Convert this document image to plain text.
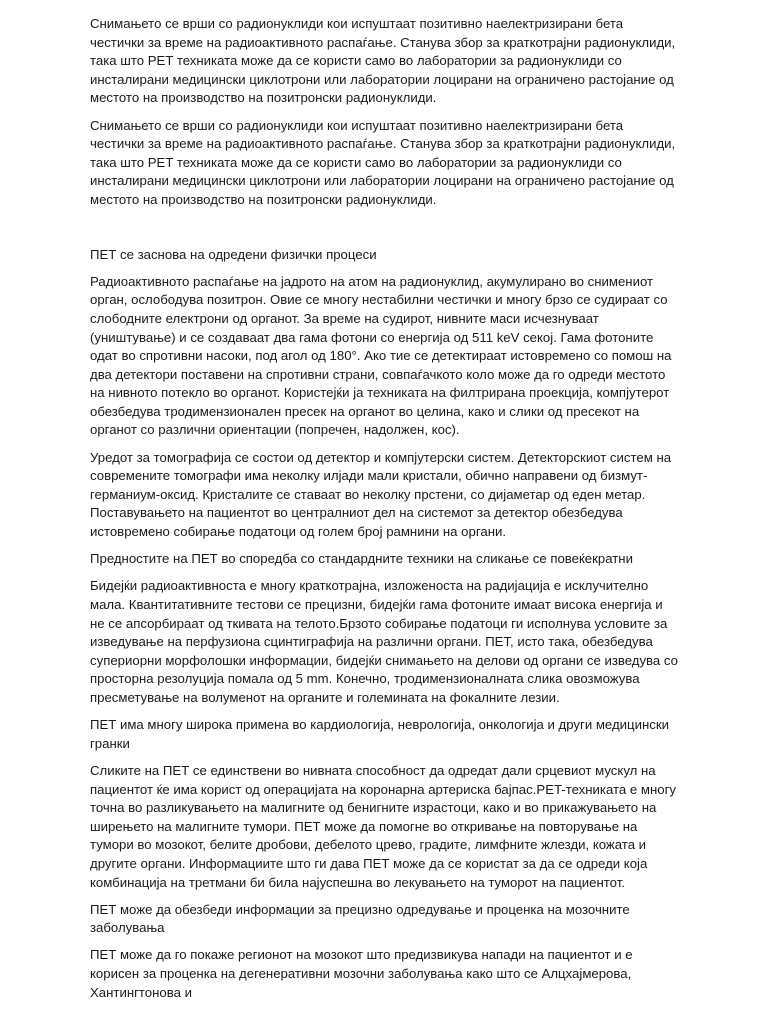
Снимањето се врши со радионуклиди кои испуштаат позитивно наелектризирани бета честички за време на радиоактивното распаѓање. Станува збор за краткотрајни радионуклиди, така што PET техниката може да се користи само во лаборатории за радионуклиди со инсталирани медицински циклотрони или лаборатории лоцирани на ограничено растојание од местото на производство на позитронски радионуклиди.

Снимањето се врши со радионуклиди кои испуштаат позитивно наелектризирани бета честички за време на радиоактивното распаѓање. Станува збор за краткотрајни радионуклиди, така што PET техниката може да се користи само во лаборатории за радионуклиди со инсталирани медицински циклотрони или лаборатории лоцирани на ограничено растојание од местото на производство на позитронски радионуклиди.

ПЕТ се заснова на одредени физички процеси

Радиоактивното распаѓање на јадрото на атом на радионуклид, акумулирано во снимениот орган, ослободува позитрон. Овие се многу нестабилни честички и многу брзо се судираат со слободните електрони од органот. За време на судирот, нивните маси исчезнуваат (уништување) и се создаваат два гама фотони со енергија од 511 keV секој. Гама фотоните одат во спротивни насоки, под агол од 180°. Ако тие се детектираат истовремено со помош на два детектори поставени на спротивни страни, совпаѓачкото коло може да го одреди местото на нивното потекло во органот. Користејќи ја техниката на филтрирана проекција, компјутерот обезбедува тродимензионален пресек на органот во целина, како и слики од пресекот на органот со различни ориентации (попречен, надолжен, кос).

Уредот за томографија се состои од детектор и компјутерски систем. Детекторскиот систем на современите томографи има неколку илјади мали кристали, обично направени од бизмут-германиум-оксид. Кристалите се ставаат во неколку прстени, со дијаметар од еден метар. Поставувањето на пациентот во централниот дел на системот за детектор обезбедува истовремено собирање податоци од голем број рамнини на органи.

Предностите на ПЕТ во споредба со стандардните техники на сликање се повеќекратни

Бидејќи радиоактивноста е многу краткотрајна, изложеноста на радијација е исклучително мала. Квантитативните тестови се прецизни, бидејќи гама фотоните имаат висока енергија и не се апсорбираат од ткивата на телото.Брзото собирање податоци ги исполнува условите за изведување на перфузиона сцинтиграфија на различни органи. ПЕТ, исто така, обезбедува супериорни морфолошки информации, бидејќи снимањето на делови од органи се изведува со просторна резолуција помала од 5 mm. Конечно, тродимензионалната слика овозможува пресметување на волуменот на органите и големината на фокалните лезии.

ПЕТ има многу широка примена во кардиологија, неврологија, онкологија и други медицински гранки

Сликите на ПЕТ се единствени во нивната способност да одредат дали срцевиот мускул на пациентот ќе има корист од операцијата на коронарна артериска бајпас.PET-техниката е многу точна во разликувањето на малигните од бенигните израстоци, како и во прикажувањето на ширењето на малигните тумори. ПЕТ може да помогне во откривање на повторување на тумори во мозокот, белите дробови, дебелото црево, градите, лимфните жлезди, кожата и другите органи. Информациите што ги дава ПЕТ може да се користат за да се одреди која комбинација на третмани би била најуспешна во лекувањето на туморот на пациентот.

ПЕТ може да обезбеди информации за прецизно одредување и проценка на мозочните заболувања

ПЕТ може да го покаже регионот на мозокот што предизвикува напади на пациентот и е корисен за проценка на дегенеративни мозочни заболувања како што се Алцхајмерова, Хантингтонова и
